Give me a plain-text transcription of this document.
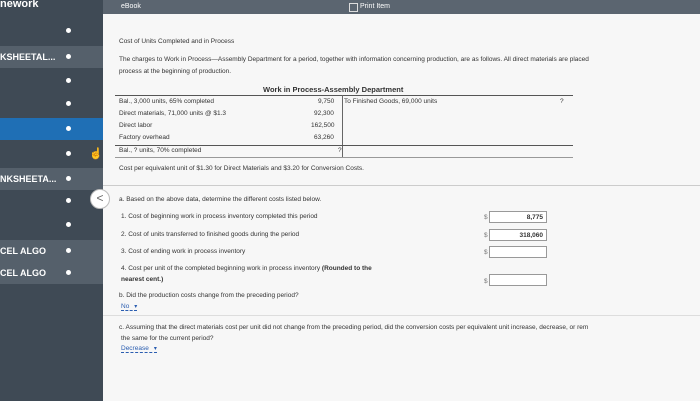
nework
KSHEETAL...
NKSHEETA...
CEL ALGO
CEL ALGO
eBook	Print Item
Cost of Units Completed and in Process
The charges to Work in Process—Assembly Department for a period, together with information concerning production, are as follows. All direct materials are placed
process at the beginning of production.
Work in Process-Assembly Department
Bal., 3,000 units, 65% completed	9,750 To Finished Goods, 69,000 units	?
Direct materials, 71,000 units @ $1.3	92,300
Direct labor	162,500
Factory overhead	63,260
Bal., ? units, 70% completed	?
Cost per equivalent unit of $1.30 for Direct Materials and $3.20 for Conversion Costs.
<
☝
a. Based on the above data, determine the different costs listed below.
1. Cost of beginning work in process inventory completed this period	$	8,775
2. Cost of units transferred to finished goods during the period	$	318,060
3. Cost of ending work in process inventory	$
4. Cost per unit of the completed beginning work in process inventory (Rounded to the
nearest cent.)	$
b. Did the production costs change from the preceding period?
No ▾
c. Assuming that the direct materials cost per unit did not change from the preceding period, did the conversion costs per equivalent unit increase, decrease, or rem
the same for the current period?
Decrease ▾
